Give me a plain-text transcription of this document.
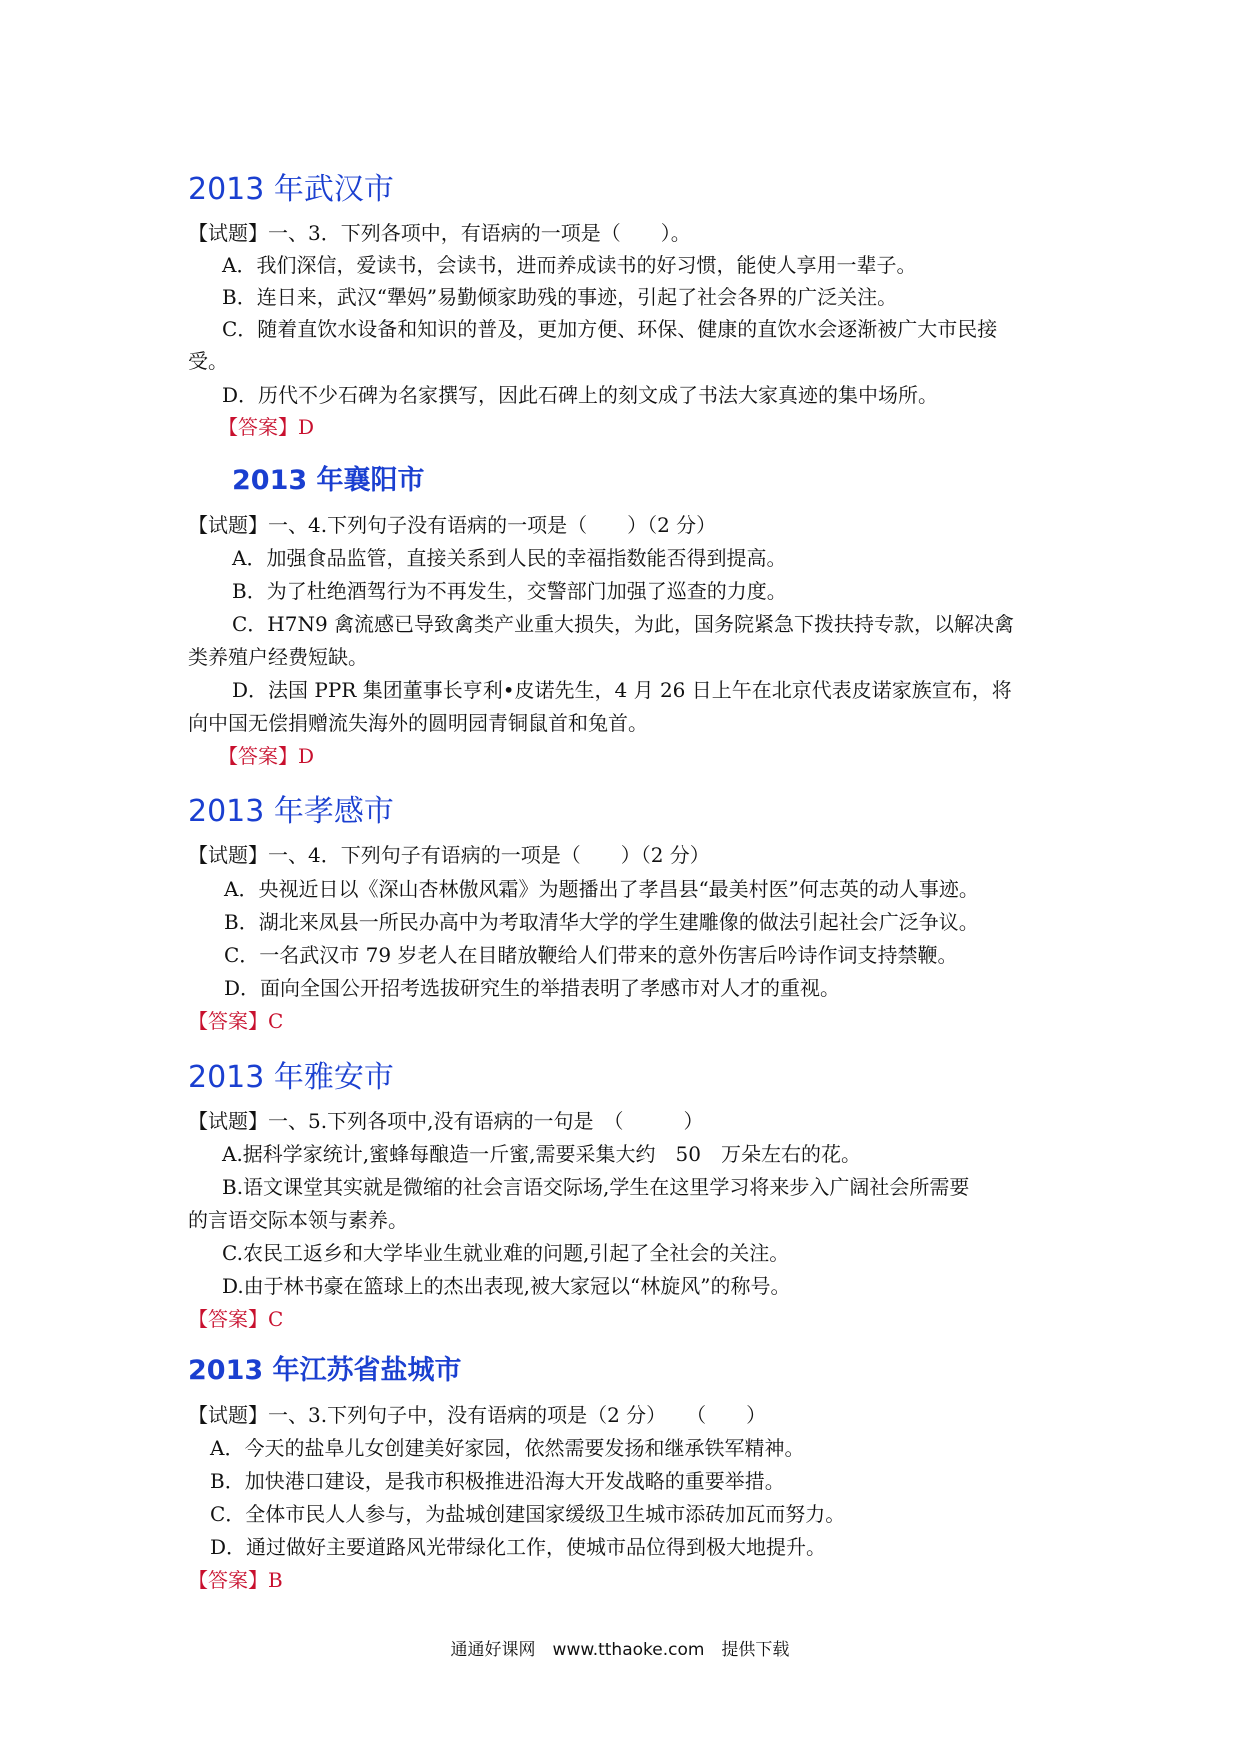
2013 年武汉市
【试题】一、3．下列各项中，有语病的一项是（　　）。
A．我们深信，爱读书，会读书，进而养成读书的好习惯，能使人享用一辈子。
B．连日来，武汉“犟妈”易勤倾家助残的事迹，引起了社会各界的广泛关注。
C．随着直饮水设备和知识的普及，更加方便、环保、健康的直饮水会逐渐被广大市民接
受。
D．历代不少石碑为名家撰写，因此石碑上的刻文成了书法大家真迹的集中场所。
【答案】D
2013 年襄阳市
【试题】一、4.下列句子没有语病的一项是（　　）（2 分）
A．加强食品监管，直接关系到人民的幸福指数能否得到提高。
B．为了杜绝酒驾行为不再发生，交警部门加强了巡查的力度。
C．H7N9 禽流感已导致禽类产业重大损失，为此，国务院紧急下拨扶持专款，以解决禽
类养殖户经费短缺。
D．法国 PPR 集团董事长亨利•皮诺先生，4 月 26 日上午在北京代表皮诺家族宣布，将
向中国无偿捐赠流失海外的圆明园青铜鼠首和兔首。
【答案】D
2013 年孝感市
【试题】一、4．下列句子有语病的一项是（　　）（2 分）
A．央视近日以《深山杏林傲风霜》为题播出了孝昌县“最美村医”何志英的动人事迹。
B．湖北来凤县一所民办高中为考取清华大学的学生建雕像的做法引起社会广泛争议。
C．一名武汉市 79 岁老人在目睹放鞭给人们带来的意外伤害后吟诗作词支持禁鞭。
D．面向全国公开招考选拔研究生的举措表明了孝感市对人才的重视。
【答案】C
2013 年雅安市
【试题】一、5.下列各项中,没有语病的一句是　（　　　）
A.据科学家统计,蜜蜂每酿造一斤蜜,需要采集大约　50　万朵左右的花。
B.语文课堂其实就是微缩的社会言语交际场,学生在这里学习将来步入广阔社会所需要
的言语交际本领与素养。
C.农民工返乡和大学毕业生就业难的问题,引起了全社会的关注。
D.由于林书豪在篮球上的杰出表现,被大家冠以“林旋风”的称号。
【答案】C
2013 年江苏省盐城市
【试题】一、3.下列句子中，没有语病的项是（2 分）　　（　　）
A．今天的盐阜儿女创建美好家园，依然需要发扬和继承铁军精神。
B．加快港口建设，是我市积极推进沿海大开发战略的重要举措。
C．全体市民人人参与，为盐城创建国家缓级卫生城市添砖加瓦而努力。
D．通过做好主要道路风光带绿化工作，使城市品位得到极大地提升。
【答案】B
通通好课网　www.tthaoke.com　提供下载
